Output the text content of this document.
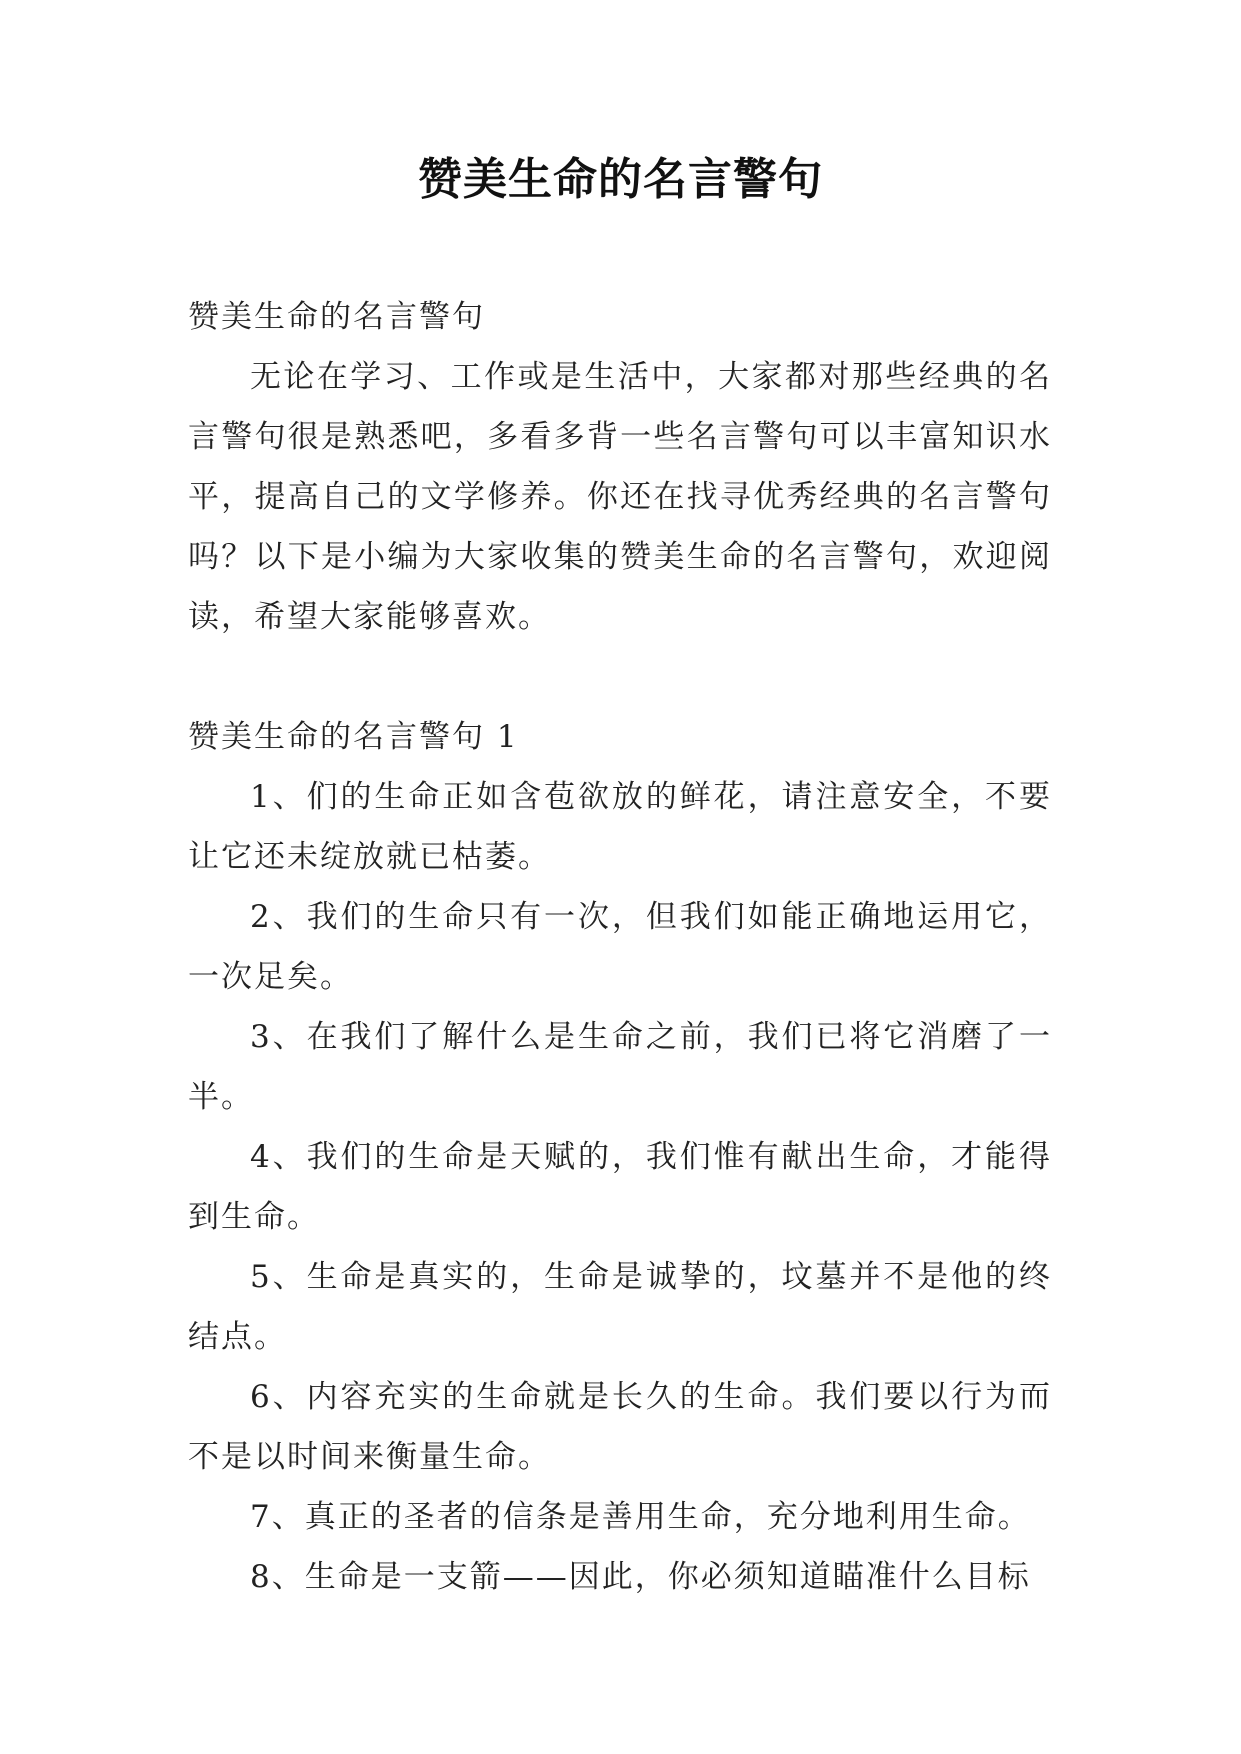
赞美生命的名言警句

赞美生命的名言警句

无论在学习、工作或是生活中，大家都对那些经典的名言警句很是熟悉吧，多看多背一些名言警句可以丰富知识水平，提高自己的文学修养。你还在找寻优秀经典的名言警句吗？以下是小编为大家收集的赞美生命的名言警句，欢迎阅读，希望大家能够喜欢。

赞美生命的名言警句 1

1、们的生命正如含苞欲放的鲜花，请注意安全，不要让它还未绽放就已枯萎。

2、我们的生命只有一次，但我们如能正确地运用它，一次足矣。

3、在我们了解什么是生命之前，我们已将它消磨了一半。

4、我们的生命是天赋的，我们惟有献出生命，才能得到生命。

5、生命是真实的，生命是诚挚的，坟墓并不是他的终结点。

6、内容充实的生命就是长久的生命。我们要以行为而不是以时间来衡量生命。

7、真正的圣者的信条是善用生命，充分地利用生命。

8、生命是一支箭——因此，你必须知道瞄准什么目标
